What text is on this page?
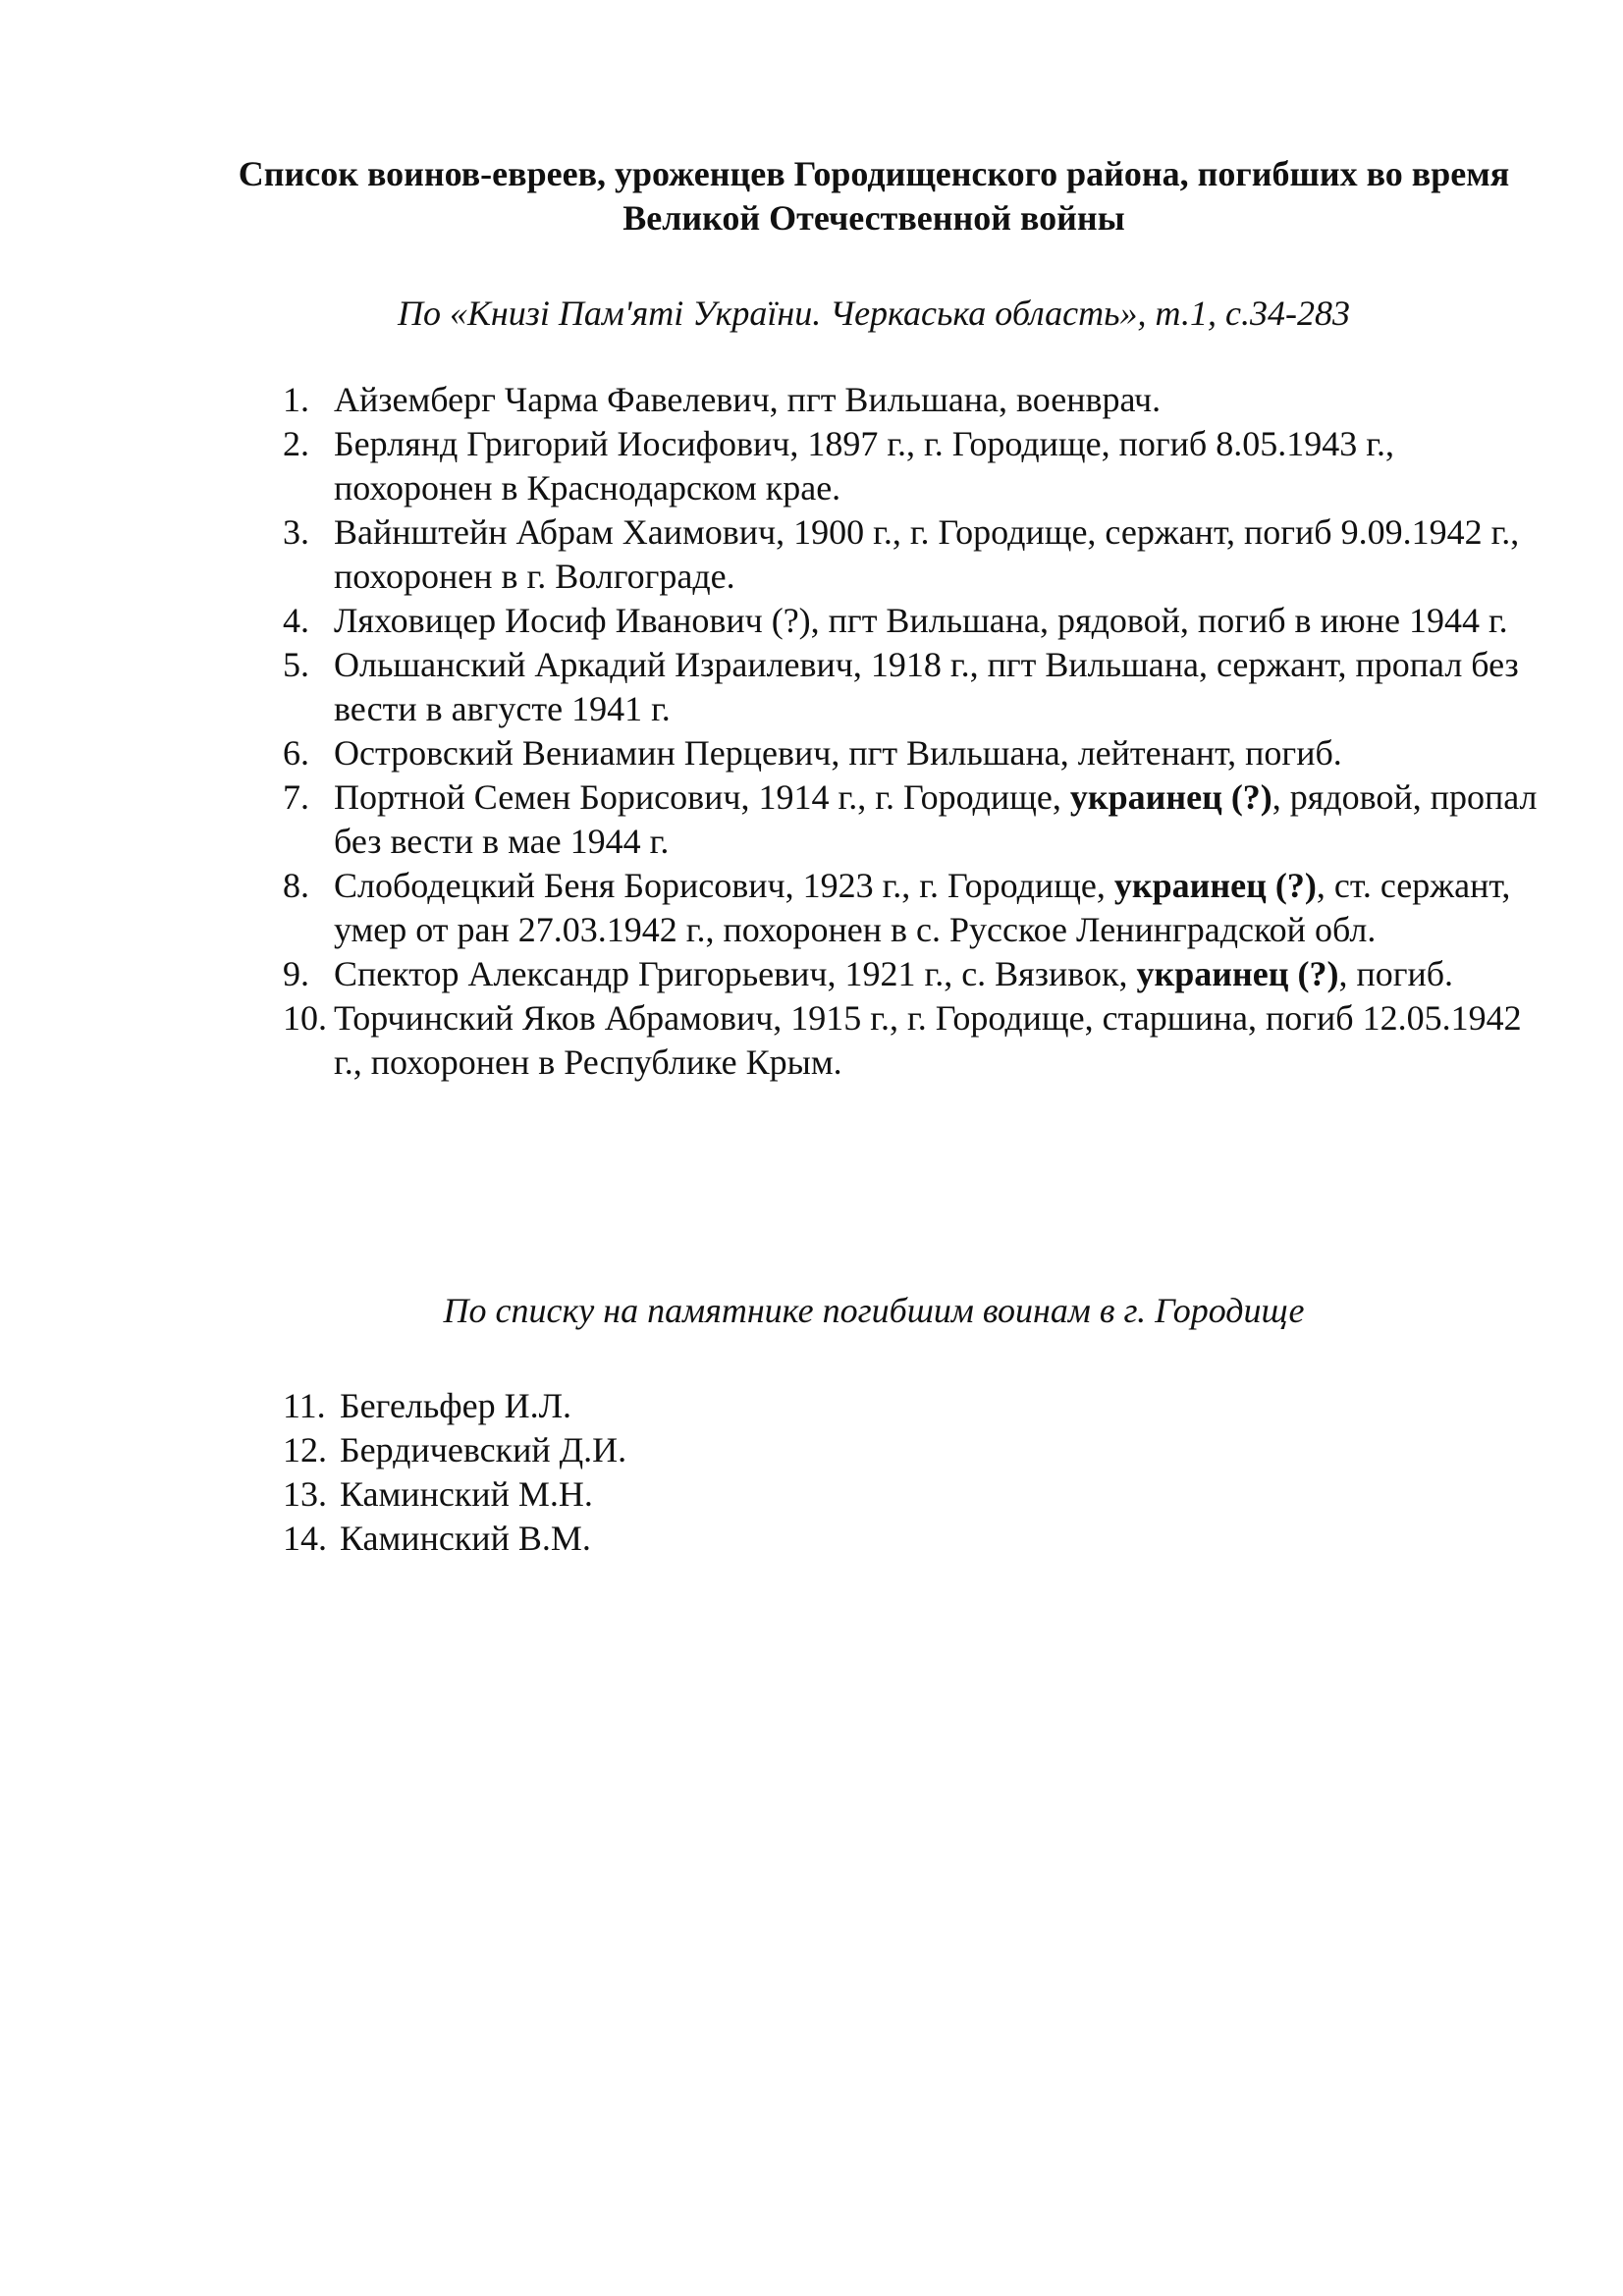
Список воинов-евреев, уроженцев Городищенского района, погибших во время Великой Отечественной войны
По «Книзі Пам'яті України. Черкаська область», т.1, с.34-283
1. Айземберг Чарма Фавелевич, пгт Вильшана, военврач.
2. Берлянд Григорий Иосифович, 1897 г., г. Городище, погиб 8.05.1943 г., похоронен в Краснодарском крае.
3. Вайнштейн Абрам Хаимович, 1900 г., г. Городище, сержант, погиб 9.09.1942 г., похоронен в г. Волгограде.
4. Ляховицер Иосиф Иванович (?), пгт Вильшана, рядовой, погиб в июне 1944 г.
5. Ольшанский Аркадий Израилевич, 1918 г., пгт Вильшана, сержант, пропал без вести в августе 1941 г.
6. Островский Вениамин Перцевич, пгт Вильшана, лейтенант, погиб.
7. Портной Семен Борисович, 1914 г., г. Городище, украинец (?), рядовой, пропал без вести в мае 1944 г.
8. Слободецкий Беня Борисович, 1923 г., г. Городище, украинец (?), ст. сержант, умер от ран 27.03.1942 г., похоронен в с. Русское Ленинградской обл.
9. Спектор Александр Григорьевич, 1921 г., с. Вязивок, украинец (?), погиб.
10. Торчинский Яков Абрамович, 1915 г., г. Городище, старшина, погиб 12.05.1942 г., похоронен в Республике Крым.
По списку на памятнике погибшим воинам в г. Городище
11. Бегельфер И.Л.
12. Бердичевский Д.И.
13. Каминский М.Н.
14. Каминский В.М.
